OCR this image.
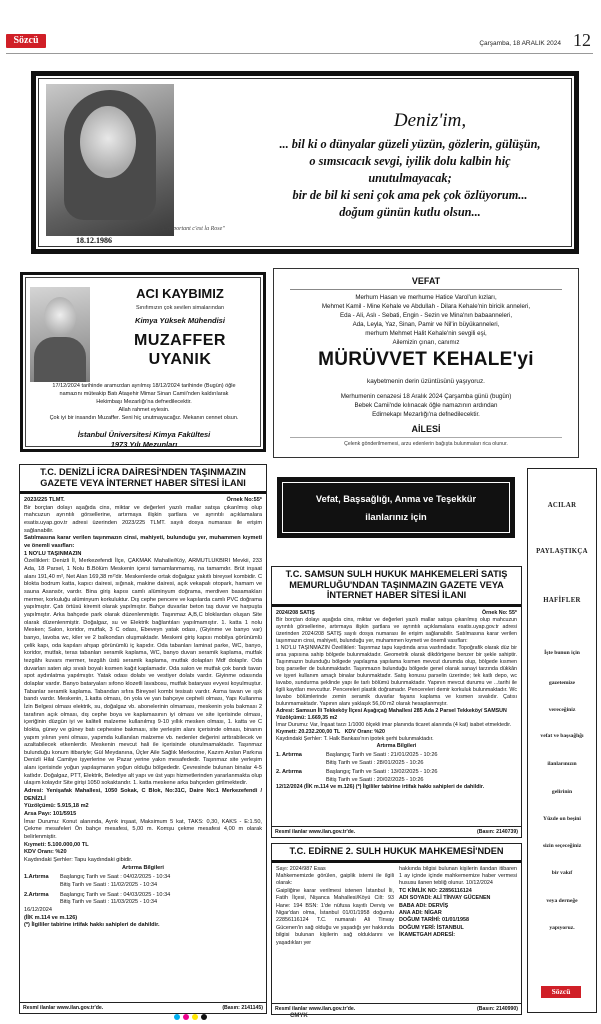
Sözcü	Çarşamba, 18 ARALIK 2024 12
18.12.1986
"L'important c'est la Rose"
Deniz'im,
... bil ki o dünyalar güzeli yüzün, gözlerin, gülüşün,
o sımsıcacık sevgi, iyilik dolu kalbin hiç
unutulmayacak;
bir de bil ki seni çok ama pek çok özlüyorum...
doğum günün kutlu olsun...
ACI KAYBIMIZ
Sınıfımızın çok sevilen simalarından
Kimya Yüksek Mühendisi
MUZAFFER
UYANIK
17/12/2024 tarihinde aramızdan ayrılmış 18/12/2024 tarihinde (Bugün) öğle
namazını müteakip Batı Ataşehir Mimar Sinan Camii'nden kaldırılarak
Hekimbaşı Mezarlığı'na defnedilecektir.
Allah rahmet eylesin.
Çok iyi bir insandın Muzaffer. Seni hiç unutmayacağız. Mekanın cennet olsun.
İstanbul Üniversitesi Kimya Fakültesi
1973 Yılı Mezunları
VEFAT
Merhum Hasan ve merhume Hatice Varol'un kızları,
Mehmet Kamil - Mine Kehale ve Abdullah - Dilara Kehale'nin biricik anneleri,
Eda - Ali, Aslı - Sebati, Engin - Sezin ve Mina'nın babaanneleri,
Ada, Leyla, Yaz, Sinan, Pamir ve Nil'in büyükanneleri,
merhum Mehmet Halit Kehale'nin sevgili eşi,
Ailemizin çınarı, canımız
MÜRÜVVET KEHALE'yi
kaybetmenin derin üzüntüsünü yaşıyoruz.
Merhumenin cenazesi 18 Aralık 2024 Çarşamba günü (bugün)
Bebek Camii'nde kılınacak öğle namazının ardından
Edirnekapı Mezarlığı'na defnedilecektir.
AİLESİ
Çelenk gönderilmemesi, arzu edenlerin bağışta bulunmaları rica olunur.
T.C. DENİZLİ İCRA DAİRESİ'NDEN TAŞINMAZIN GAZETE VEYA İNTERNET HABER SİTESİ İLANI
2023/225 TLMT.	Örnek No:55*
Bir borçtan dolayı aşağıda cins, miktar ve değerleri yazılı mallar satışa çıkarılmış olup mahcuzun ayrıntılı görsellerine, artırmaya ilişkin şartlara ve ayrıntılı açıklamalara esatis.uyap.gov.tr adresi üzerinden 2023/225 TLMT. sayılı dosya numarası ile erişim sağlanabilir.
Satılmasına karar verilen taşınmazın cinsi, mahiyeti, bulunduğu yer, muhammen kıymeti ve önemli vasıfları:
1 NO'LU TAŞINMAZIN
Özellikleri: Denizli İl, Merkezefendi İlçe, ÇAKMAK Mahalle/Köy, ARMUTLUKBIRI Mevkii, 233 Ada, 18 Parsel, 1 Nolu B.Bölüm Meskenin içersi tamamlanmamış, na tamamdır. Brüt inşaat alanı 191,40 m², Net Alan 169,38 m²'dir. Meskenlerde ortak doğalgaz yakıtlı bireysel kombidir. C blokta bodrum katta, kapıcı dairesi, sığınak, makine dairesi, açık vekapalı otopark, hamam ve sauna Asansör, vardır. Bina giriş kapısı camlı alüminyum doğrama, merdiven basamakları mermer, korkuluğu alüminyum korkuluktur. Dış cephe pencere ve kapılarda camlı PVC doğrama yapılmıştır. Çatı örtüsü kiremit olarak yapılmıştır. Bahçe duvarlar beton taş duvar ve harpuşta yapılmıştır. Arka bahçede park olarak düzenlenmiştir. Taşınmaz A,B,C bloklardan oluşan Site olarak düzenlenmiştir. Doğalgaz, su ve Elektrik bağlantıları yapılmamıştır. 1. katta 1 nolu Mesken; Salon, koridor, mutfak, 3 C odası, Ebeveyn yatak odası, (Giyinme ve banyo var) banyo, lavoba wc, kiler ve 2 balkondan oluşmaktadır. Meskeni giriş kapısı mobilya görünümlü çelik kapı, oda kapıları ahşap görünümlü iç kapıdır. Oda tabanları laminat parke, WC, banyo, koridor, mutfak, teras tabanları seramik kaplama, WC, banyo duvarı seramik kaplama, mutfak tezgâhı kuvars mermer, tezgâh üstü seramik kaplama, mutfak dolapları Mdf dolaplır. Oda duvarları saten alçı sıvalı boyalı kısmen kağıt kaplamadır. Oda salon ve mutfak çok bandı tavan spot aydınlatma yapılmıştır. Yatak odası dolabı ve vestiyer dolabı vardır. Giyinme odasında dolaplar vardır. Banyo bataryaları sıfono klozetli lavabosu, mutfak bataryası evyesi koyulmuştur. Tabanlar seramik kaplama. Tabandan sıfıra Bireysel kombi tesisatı vardır. Asma tavan ve ışık bandı vardır. Meskenin, 1.katta olması, ön yola ve yan bahçeye cepheli olması, Yapı Kullanma İzin Belgesi olması elektrik, su, doğalgaz vb. abonelerinin olmaması, meskenin yola bakması 2 tarafının açık olması, dış cephe boya ve kaplamasının iyi olması ve site içerisinde olması, içeriğinin düzgün iyi ve kaliteli malzeme kullanılmış 9-10 yıllık mesken olması, 1. katta ve C blokta, güney ve güney batı cephesine bakması, site yerleşim alanı içerisinde olması, binanın yapım yılının yeni olması, yapımda kullanılan malzeme vb. nedenler değerini arttırabilecek ve azaltabilecek etkenlerdir. Meskenin mevcut hali ile içerisinde oturulmamaktadır. Taşınmaz bulunduğu konum itibariyle; Gül Meydanına, Üçler Aile Sağlık Merkezine, Kazım Arslan Parkına Denizli Hilal Camiiye işyerlerine ve Pazar yerine yakın mesafededir. Taşınmaz site yerleşim alanı içerisinde yoğun yapılaşmanın yoğun olduğu bölgededir. Çevresinde bulunan binalar 4-5 katlıdır. Doğalgaz, PTT, Elektrik, Belediye alt yapı ve üst yapı hizmetlerinden yararlanmakta olup ulaşım kolaydır Site girişi 1050 sokaktandır. 1. katta meskene arka bahçeden girilmektedir.
Adresi: Yenişafak Mahallesi, 1050 Sokak, C Blok, No:31C, Daire No:1 Merkezefendi / DENİZLİ
Yüzölçümü: 5.915,18 m2
Arsa Payı: 101/5915
İmar Durumu: Konut alanında, Ayrık inşaat, Maksimum 5 kat, TAKS: 0,30, KAKS - E:1.50, Çekme mesafeleri Ön bahçe mesafesi, 5,00 m. Komşu çekme mesafesi 4,00 m olarak belirlenmiştir.
Kıymeti: 5.100.000,00 TL
KDV Oranı: %20
Kaydındaki Şerhler: Tapu kaydındaki gibidir.
Artırma Bilgileri
1.Artırma	Başlangıç Tarih ve Saat : 04/02/2025 - 10:34
Bitiş Tarih ve Saati : 11/02/2025 - 10:34
2.Artırma	Başlangıç Tarih ve Saat : 04/03/2025 - 10:34
Bitiş Tarih ve Saati : 11/03/2025 - 10:34
16/12/2024
(İİK m.114 ve m.126)
(*) İlgililer tabirine irtifak hakkı sahipleri de dahildir.
Resmî ilanlar www.ilan.gov.tr'de.	(Basın: 2141145)
Vefat, Başsağlığı, Anma ve Teşekkür
ilanlarınız için
T.C. SAMSUN SULH HUKUK MAHKEMELERİ SATIŞ MEMURLUĞU'NDAN TAŞINMAZIN GAZETE VEYA İNTERNET HABER SİTESİ İLANI
2024/208 SATIŞ	Örnek No: 55*
Bir borçtan dolayı aşağıda cins, miktar ve değerleri yazılı mallar satışa çıkarılmış olup mahcuzun ayrıntılı görsellerine, artırmaya ilişkin şartlara ve ayrıntılı açıklamalara esatis.uyap.gov.tr adresi üzerinden 2024/208 SATIŞ sayılı dosya numarası ile erişim sağlanabilir. Satılmasına karar verilen taşınmazın cinsi, mahiyeti, bulunduğu yer, muhammen kıymeti ve önemli vasıfları:
1 NO'LU TAŞINMAZIN Özellikleri: Taşınmaz tapu kaydında arsa vasfındadır. Topoğrafik olarak düz bir arsa yapısına sahip bölgede bulunmaktadır. Geometrik olarak dikdörtgene benzer bir şekle sahiptir. Taşınmazın bulunduğu bölgede yapılaşma yapılama kısmen mevcut durumda olup, bölgede kısmen boş parseller de bulunmaktadır. Taşınmazın bulunduğu bölgede genel olarak sanayi tarzında dükkân ve işyeri kullanım amaçlı binalar bulunmaktadır. Satış konusu parselin üzerinde; tek katlı depo, wc lavabo, sundurma şeklinde yapı ile tarlı bölümü bulunmaktadır. Yapının mevcut durumu ve ...tarihi ile ilgili kayıtları mevcuttur. Pencereleri plastik doğramadır. Pencereleri demir korkuluk bulunmaktadır. Wc lavabo bölümlerinde zemin seramik duvarlar fayans kaplama ve kısmen sıvalıdır. Çatısı bulunmamaktadır. Yapının alanı yaklaşık 56,00 m2 olarak hesaplanmıştır.
Adresi: Samsun İli Tekkeköy İlçesi Aşağıçağ Mahallesi 285 Ada 2 Parsel Tekkeköy/ SAMSUN
Yüzölçümü: 1.669,35 m2
İmar Durumu: Var, İnşaat tarzı 1/1000 ölçekli imar planında ticaret alanında (4 kat) isabet etmektedir.
Kıymeti: 20.232.200,00 TL KDV Oranı: %20
Kaydındaki Şerhler: T. Halk Bankası'nın ipotek şerhi bulunmaktadır.
Artırma Bilgileri
1. Artırma	Başlangıç Tarih ve Saati : 21/01/2025 - 10:26
Bitiş Tarih ve Saati : 28/01/2025 - 10:26
2. Artırma	Başlangıç Tarih ve Saati : 13/02/2025 - 10:26
Bitiş Tarih ve Saati : 20/02/2025 - 10:26
12/12/2024 (İİK m.114 ve m.126) (*) İlgililer tabirine irtifak hakkı sahipleri de dahildir.
Resmî ilanlar www.ilan.gov.tr'de.	(Basın: 2140739)
T.C. EDİRNE 2. SULH HUKUK MAHKEMESİ'NDEN
Sayı: 2024/987 Esas
Mahkememizde görülen, gaiplik istemi ile ilgili olarak:
Gaipliğine karar verilmesi istenen İstanbul İli, Fatih İlçesi, Nişanca Mahallesi/Köyü Cilt: 93 Hane: 194 BSN: 1'de nüfusa kayıtlı Derviş ve Nigar'dan olma, İstanbul 01/01/1958 doğumlu 22856116124 T.C. numaralı Ali Tinvay Gücenen'in sağ olduğu ve yaşadığı yer hakkında bilgisi bulunan kişilerin sağ olduklarını ve yaşadıkları yer
hakkında bilgisi bulunan kişilerin ilandan itibaren 1 ay içinde içinde mahkememize haber vermesi hususu ilanen tebliğ olunur. 10/12/2024
TC KİMLİK NO: 22856116124
ADI SOYADI: ALİ TİNVAY GÜCENEN
BABA ADI: DERVİŞ
ANA ADI: NİGAR
DOĞUM TARİHİ: 01/01/1958
DOĞUM YERİ: İSTANBUL
İKAMETGAH ADRESİ:
Resmî ilanlar www.ilan.gov.tr'de.	(Basın: 2140990)
ACILAR
PAYLAŞTIKÇA
HAFİFLER
İşte bunun için
gazetemize
vereceğiniz
vefat ve başsağlığı
ilanlarınızın
gelirinin
Yüzde on beşini
sizin seçeceğiniz
bir vakıf
veya derneğe
yapıyoruz.
Sözcü
CMYK
